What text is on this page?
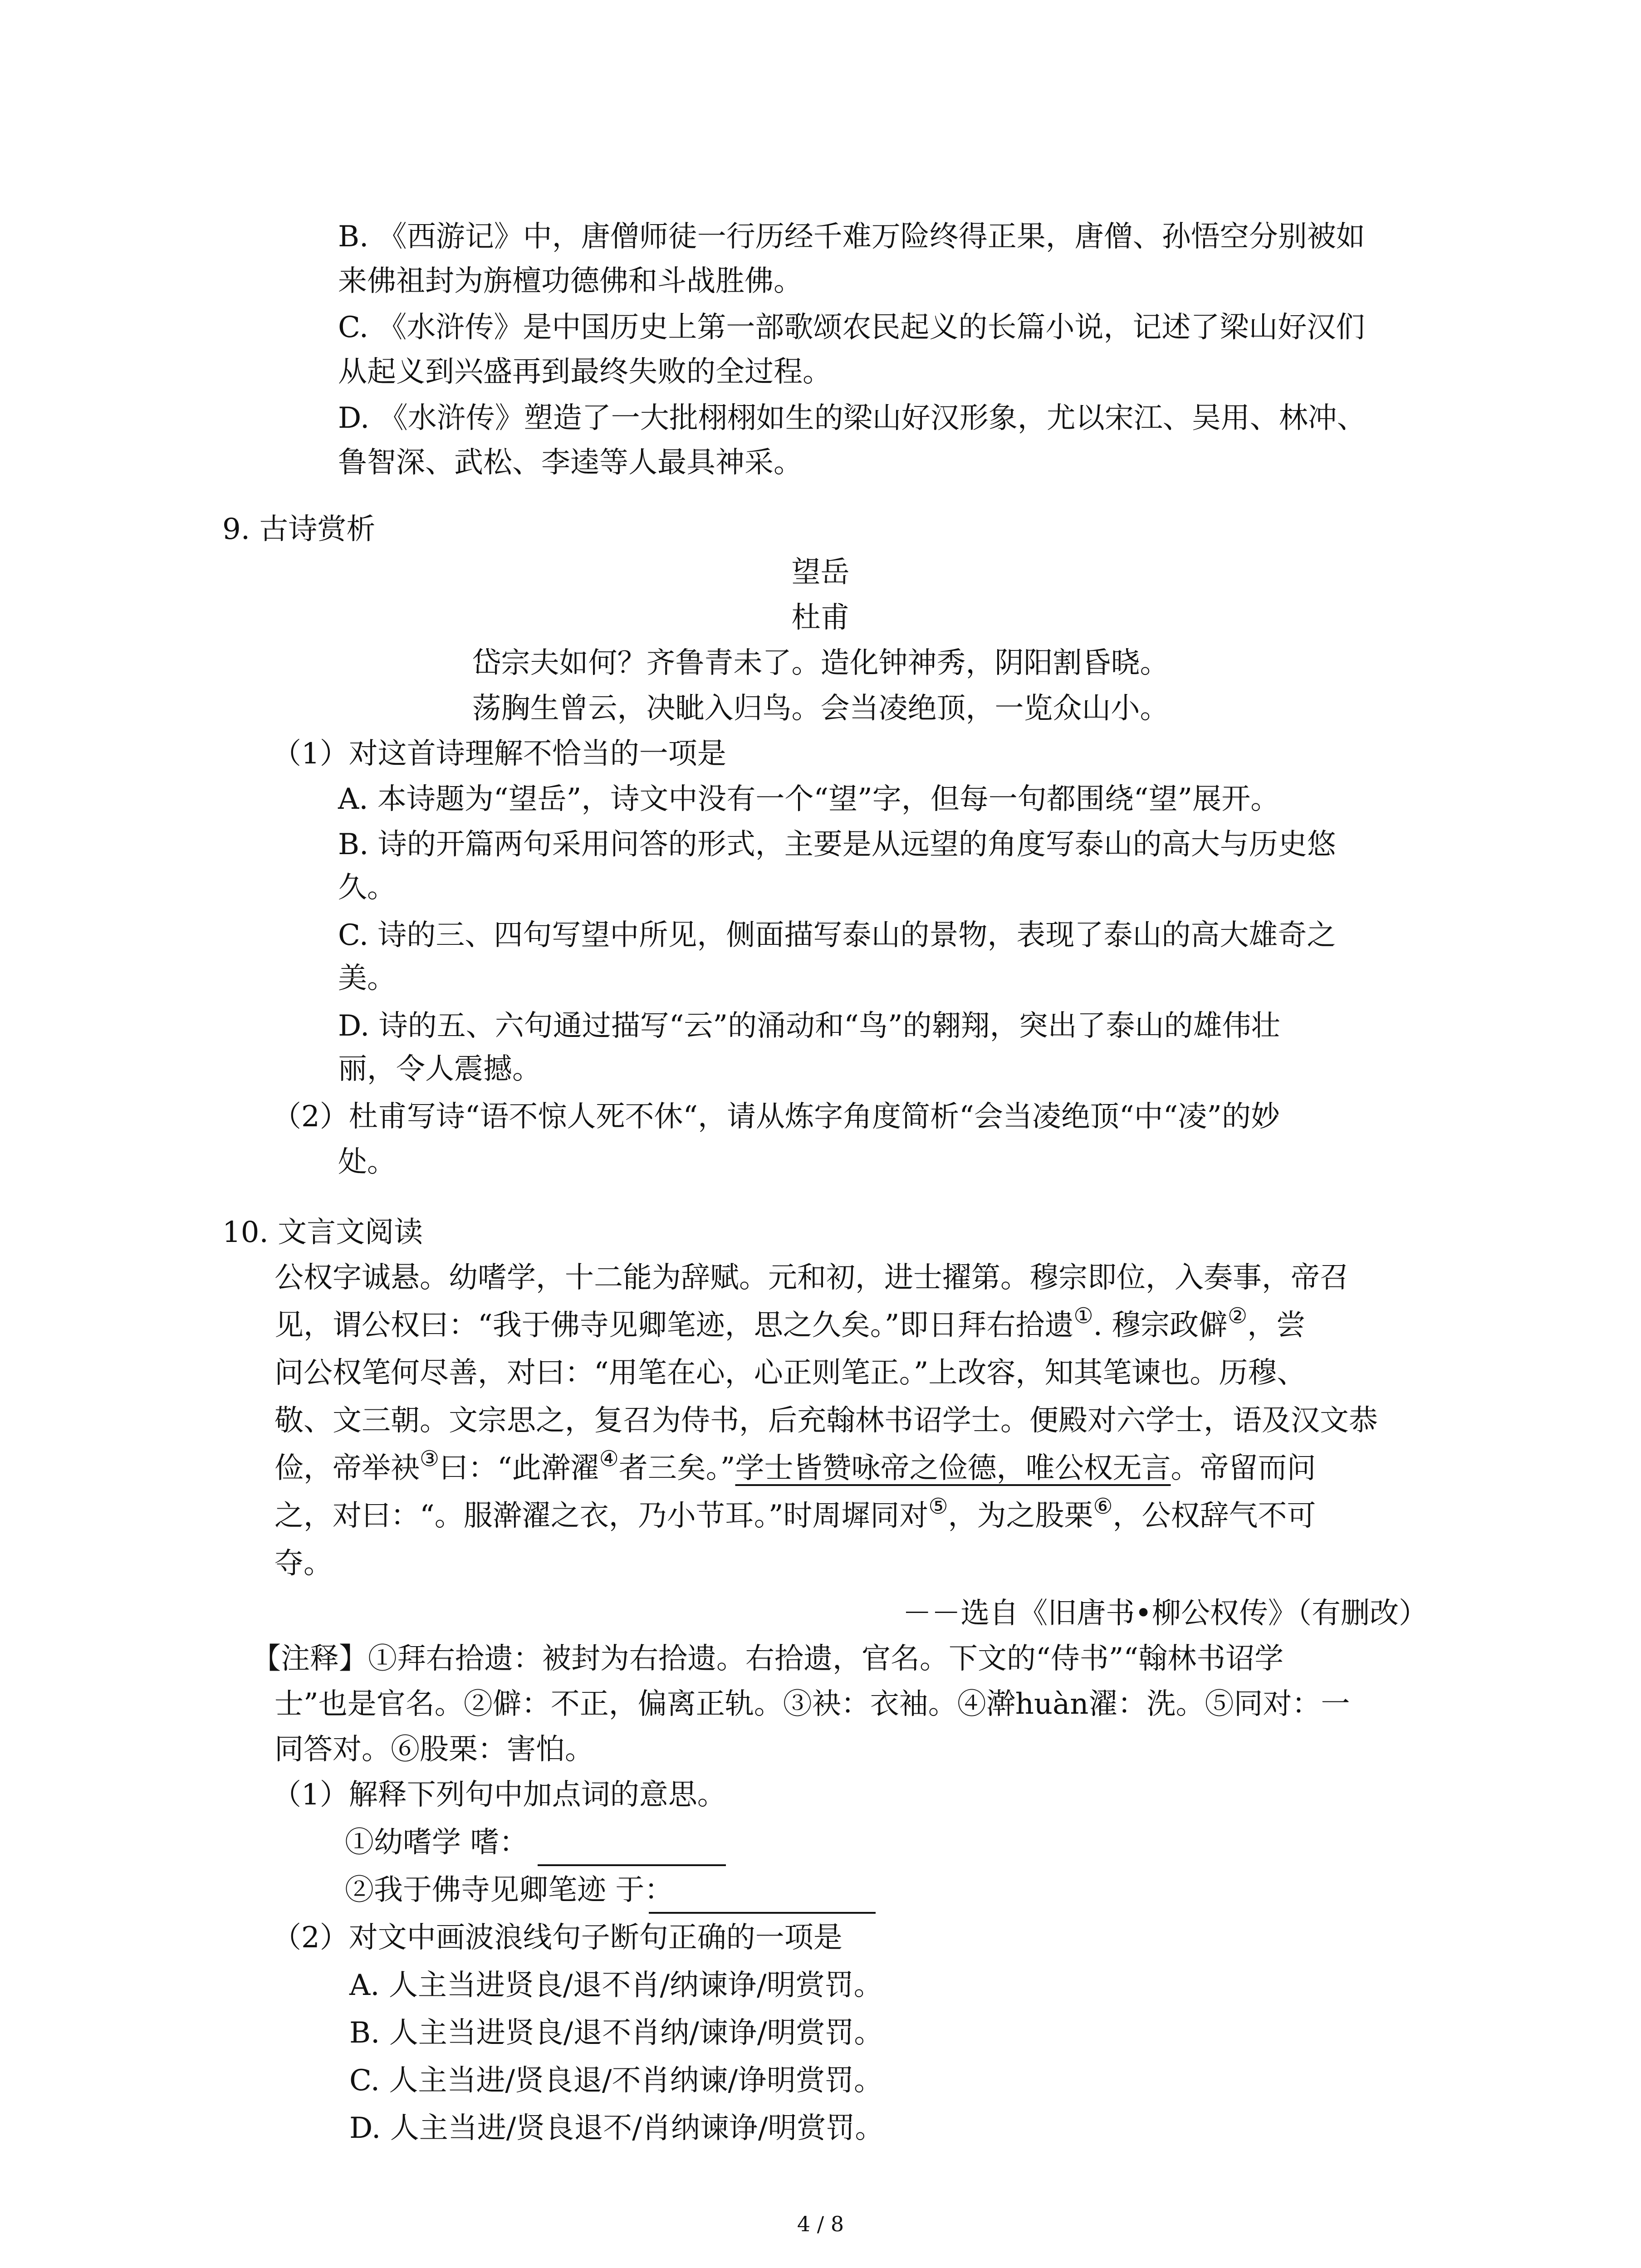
B. 《西游记》中，唐僧师徒一行历经千难万险终得正果，唐僧、孙悟空分别被如
来佛祖封为旃檀功德佛和斗战胜佛。
C. 《水浒传》是中国历史上第一部歌颂农民起义的长篇小说，记述了梁山好汉们
从起义到兴盛再到最终失败的全过程。
D. 《水浒传》塑造了一大批栩栩如生的梁山好汉形象，尤以宋江、吴用、林冲、
鲁智深、武松、李逵等人最具神采。
9. 古诗赏析
望岳
杜甫
岱宗夫如何？齐鲁青未了。造化钟神秀，阴阳割昏晓。
荡胸生曾云，决眦入归鸟。会当凌绝顶，一览众山小。
（1）对这首诗理解不恰当的一项是
A. 本诗题为“望岳”，诗文中没有一个“望”字，但每一句都围绕“望”展开。
B. 诗的开篇两句采用问答的形式，主要是从远望的角度写泰山的高大与历史悠
久。
C. 诗的三、四句写望中所见，侧面描写泰山的景物，表现了泰山的高大雄奇之
美。
D. 诗的五、六句通过描写“云”的涌动和“鸟”的翱翔，突出了泰山的雄伟壮
丽，令人震撼。
（2）杜甫写诗“语不惊人死不休“，请从炼字角度简析“会当凌绝顶“中“凌”的妙
处。
10. 文言文阅读
公权字诚悬。幼嗜学，十二能为辞赋。元和初，进士擢第。穆宗即位，入奏事，帝召
见，谓公权曰：“我于佛寺见卿笔迹，思之久矣。”即日拜右拾遗①. 穆宗政僻②，尝
问公权笔何尽善，对曰：“用笔在心，心正则笔正。”上改容，知其笔谏也。历穆、
敬、文三朝。文宗思之，复召为侍书，后充翰林书诏学士。便殿对六学士，语及汉文恭
俭，帝举袂③曰：“此澣濯④者三矣。”学士皆赞咏帝之俭德，唯公权无言。帝留而问
之，对曰：“。服澣濯之衣，乃小节耳。”时周墀同对⑤，为之股栗⑥，公权辞气不可
夺。
－－选自《旧唐书•柳公权传》（有删改）
【注释】①拜右拾遗：被封为右拾遗。右拾遗，官名。下文的“侍书”“翰林书诏学
士”也是官名。②僻：不正，偏离正轨。③袂：衣袖。④澣huàn濯：洗。⑤同对：一
同答对。⑥股栗：害怕。
（1）解释下列句中加点词的意思。
①幼嗜学 嗜：
②我于佛寺见卿笔迹 于：
（2）对文中画波浪线句子断句正确的一项是
A. 人主当进贤良/退不肖/纳谏诤/明赏罚。
B. 人主当进贤良/退不肖纳/谏诤/明赏罚。
C. 人主当进/贤良退/不肖纳谏/诤明赏罚。
D. 人主当进/贤良退不/肖纳谏诤/明赏罚。
4 / 8
